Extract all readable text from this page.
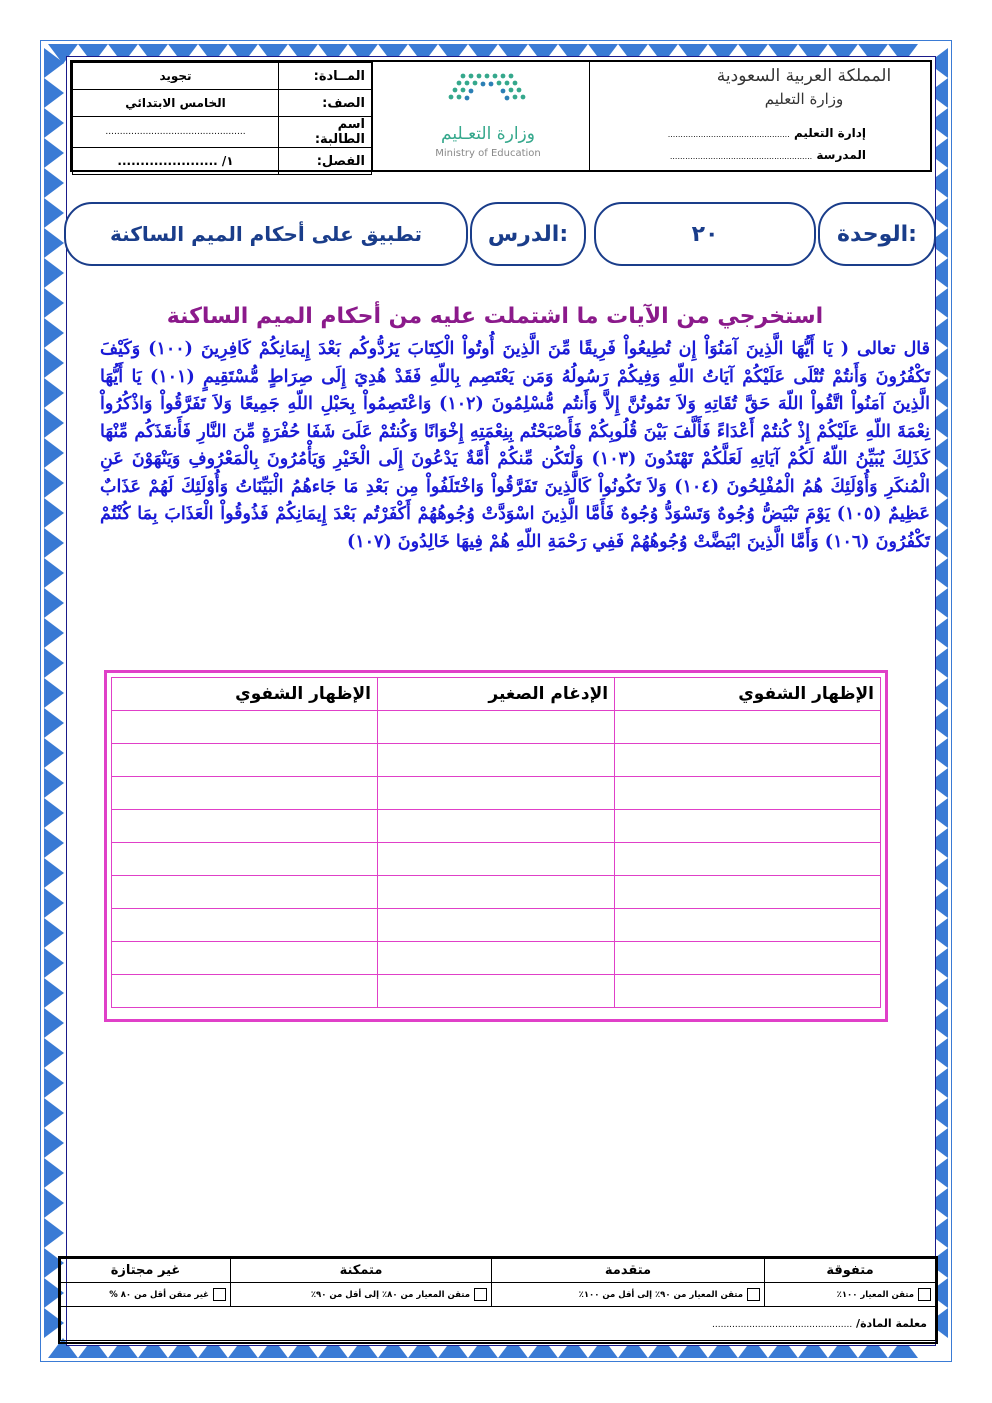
المــادة:	تجويد
الصف:	الخامس الابتدائي
اسم الطالبة:	.................................................
الفصل:	١/ ......................
وزارة التعـليم
Ministry of Education
المملكة العربية السعودية
وزارة التعليم
إدارة التعليم ................................................
المدرسة ........................................................
الوحدة:
٢٠
الدرس:
تطبيق على أحكام الميم الساكنة
استخرجي من الآيات ما اشتملت عليه من أحكام الميم الساكنة
قال تعالى ( يَا أَيُّهَا الَّذِينَ آمَنُوَاْ إِن تُطِيعُواْ فَرِيقًا مِّنَ الَّذِينَ أُوتُواْ الْكِتَابَ يَرُدُّوكُم بَعْدَ إِيمَانِكُمْ كَافِرِينَ (١٠٠) وَكَيْفَ تَكْفُرُونَ وَأَنتُمْ تُتْلَى عَلَيْكُمْ آيَاتُ اللّهِ وَفِيكُمْ رَسُولُهُ وَمَن يَعْتَصِم بِاللّهِ فَقَدْ هُدِيَ إِلَى صِرَاطٍ مُّسْتَقِيمٍ (١٠١) يَا أَيُّهَا الَّذِينَ آمَنُواْ اتَّقُواْ اللّهَ حَقَّ تُقَاتِهِ وَلاَ تَمُوتُنَّ إِلاَّ وَأَنتُم مُّسْلِمُونَ (١٠٢) وَاعْتَصِمُواْ بِحَبْلِ اللّهِ جَمِيعًا وَلاَ تَفَرَّقُواْ وَاذْكُرُواْ نِعْمَةَ اللّهِ عَلَيْكُمْ إِذْ كُنتُمْ أَعْدَاءً فَأَلَّفَ بَيْنَ قُلُوبِكُمْ فَأَصْبَحْتُم بِنِعْمَتِهِ إِخْوَانًا وَكُنتُمْ عَلَىَ شَفَا حُفْرَةٍ مِّنَ النَّارِ فَأَنقَذَكُم مِّنْهَا كَذَلِكَ يُبَيِّنُ اللّهُ لَكُمْ آيَاتِهِ لَعَلَّكُمْ تَهْتَدُونَ (١٠٣) وَلْتَكُن مِّنكُمْ أُمَّةٌ يَدْعُونَ إِلَى الْخَيْرِ وَيَأْمُرُونَ بِالْمَعْرُوفِ وَيَنْهَوْنَ عَنِ الْمُنكَرِ وَأُوْلَئِكَ هُمُ الْمُفْلِحُونَ (١٠٤) وَلاَ تَكُونُواْ كَالَّذِينَ تَفَرَّقُواْ وَاخْتَلَفُواْ مِن بَعْدِ مَا جَاءهُمُ الْبَيِّنَاتُ وَأُوْلَئِكَ لَهُمْ عَذَابٌ عَظِيمٌ (١٠٥) يَوْمَ تَبْيَضُّ وُجُوهٌ وَتَسْوَدُّ وُجُوهٌ فَأَمَّا الَّذِينَ اسْوَدَّتْ وُجُوهُهُمْ أَكْفَرْتُم بَعْدَ إِيمَانِكُمْ فَذُوقُواْ الْعَذَابَ بِمَا كُنْتُمْ تَكْفُرُونَ (١٠٦) وَأَمَّا الَّذِينَ ابْيَضَّتْ وُجُوهُهُمْ فَفِي رَحْمَةِ اللّهِ هُمْ فِيهَا خَالِدُونَ (١٠٧)
الإظهار الشفوي	الإدغام الصغير	الإظهار الشفوي

متفوقة	متقدمة	متمكنة	غير مجتازة
متقن المعيار ١٠٠٪	متقن المعيار من ٩٠٪ إلى أقل من ١٠٠٪	متقن المعيار من ٨٠٪ إلى أقل من ٩٠٪	غير متقن أقل من ٨٠ %
معلمة المادة/ .................................................			
